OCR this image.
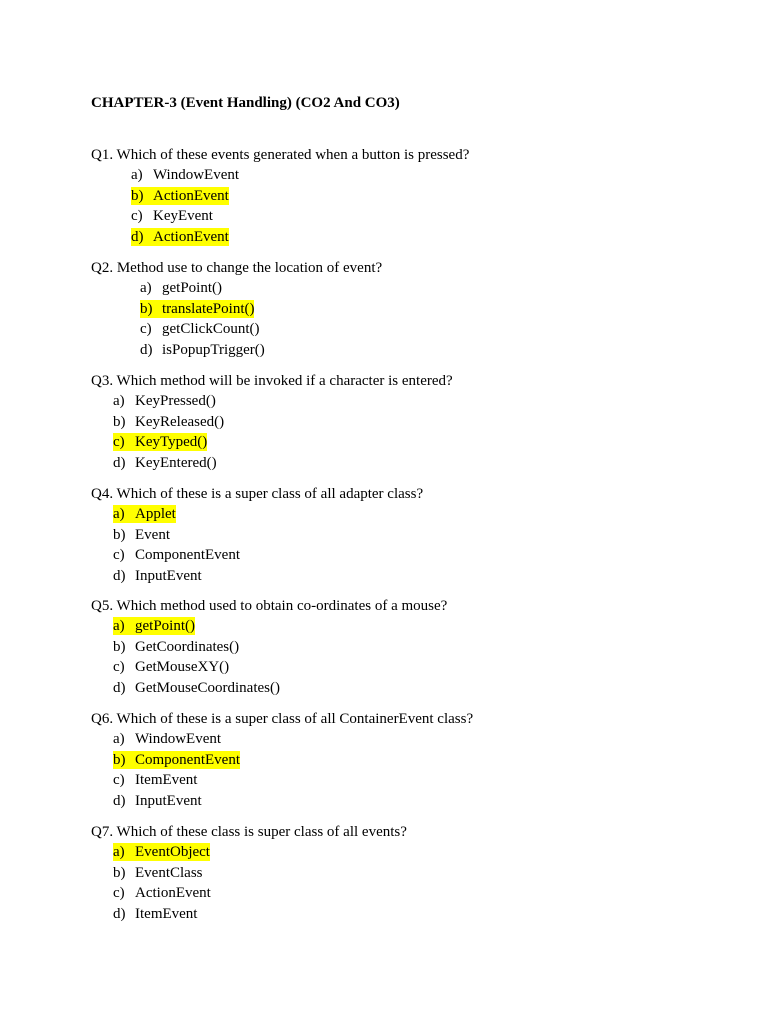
CHAPTER-3 (Event Handling) (CO2 And CO3)
Q1. Which of these events generated when a button is pressed?
a) WindowEvent
b) ActionEvent
c) KeyEvent
d) ActionEvent
Q2. Method use to change the location of event?
a) getPoint()
b) translatePoint()
c) getClickCount()
d) isPopupTrigger()
Q3. Which method will be invoked if a character is entered?
a) KeyPressed()
b) KeyReleased()
c) KeyTyped()
d) KeyEntered()
Q4. Which of these is a super class of all adapter class?
a) Applet
b) Event
c) ComponentEvent
d) InputEvent
Q5. Which method used to obtain co-ordinates of a mouse?
a) getPoint()
b) GetCoordinates()
c) GetMouseXY()
d) GetMouseCoordinates()
Q6. Which of these is a super class of all ContainerEvent class?
a) WindowEvent
b) ComponentEvent
c) ItemEvent
d) InputEvent
Q7. Which of these class is super class of all events?
a) EventObject
b) EventClass
c) ActionEvent
d) ItemEvent
